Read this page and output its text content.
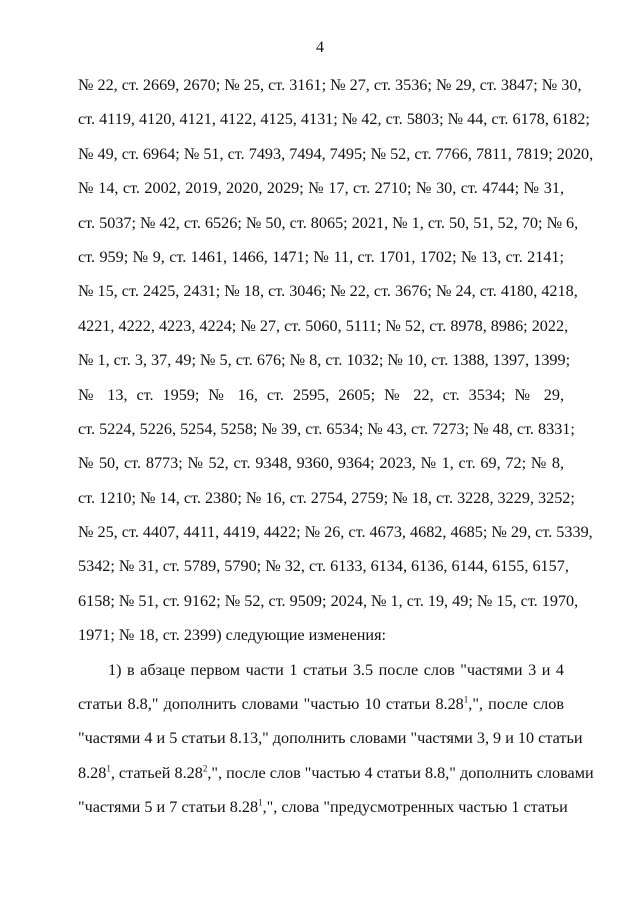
4
№ 22, ст. 2669, 2670; № 25, ст. 3161; № 27, ст. 3536; № 29, ст. 3847; № 30,
ст. 4119, 4120, 4121, 4122, 4125, 4131; № 42, ст. 5803; № 44, ст. 6178, 6182;
№ 49, ст. 6964; № 51, ст. 7493, 7494, 7495; № 52, ст. 7766, 7811, 7819; 2020,
№ 14, ст. 2002, 2019, 2020, 2029; № 17, ст. 2710; № 30, ст. 4744; № 31,
ст. 5037; № 42, ст. 6526; № 50, ст. 8065; 2021, № 1, ст. 50, 51, 52, 70; № 6,
ст. 959; № 9, ст. 1461, 1466, 1471; № 11, ст. 1701, 1702; № 13, ст. 2141;
№ 15, ст. 2425, 2431; № 18, ст. 3046; № 22, ст. 3676; № 24, ст. 4180, 4218,
4221, 4222, 4223, 4224; № 27, ст. 5060, 5111; № 52, ст. 8978, 8986; 2022,
№ 1, ст. 3, 37, 49; № 5, ст. 676; № 8, ст. 1032; № 10, ст. 1388, 1397, 1399;
№ 13, ст. 1959; № 16, ст. 2595, 2605; № 22, ст. 3534; № 29,
ст. 5224, 5226, 5254, 5258; № 39, ст. 6534; № 43, ст. 7273; № 48, ст. 8331;
№ 50, ст. 8773; № 52, ст. 9348, 9360, 9364; 2023, № 1, ст. 69, 72; № 8,
ст. 1210; № 14, ст. 2380; № 16, ст. 2754, 2759; № 18, ст. 3228, 3229, 3252;
№ 25, ст. 4407, 4411, 4419, 4422; № 26, ст. 4673, 4682, 4685; № 29, ст. 5339,
5342; № 31, ст. 5789, 5790; № 32, ст. 6133, 6134, 6136, 6144, 6155, 6157,
6158; № 51, ст. 9162; № 52, ст. 9509; 2024, № 1, ст. 19, 49; № 15, ст. 1970,
1971; № 18, ст. 2399) следующие изменения:
1) в абзаце первом части 1 статьи 3.5 после слов "частями 3 и 4
статьи 8.8," дополнить словами "частью 10 статьи 8.28$^1$,", после слов
"частями 4 и 5 статьи 8.13," дополнить словами "частями 3, 9 и 10 статьи
8.28$^1$, статьей 8.28$^2$,", после слов "частью 4 статьи 8.8," дополнить словами
"частями 5 и 7 статьи 8.28$^1$,", слова "предусмотренных частью 1 статьи
